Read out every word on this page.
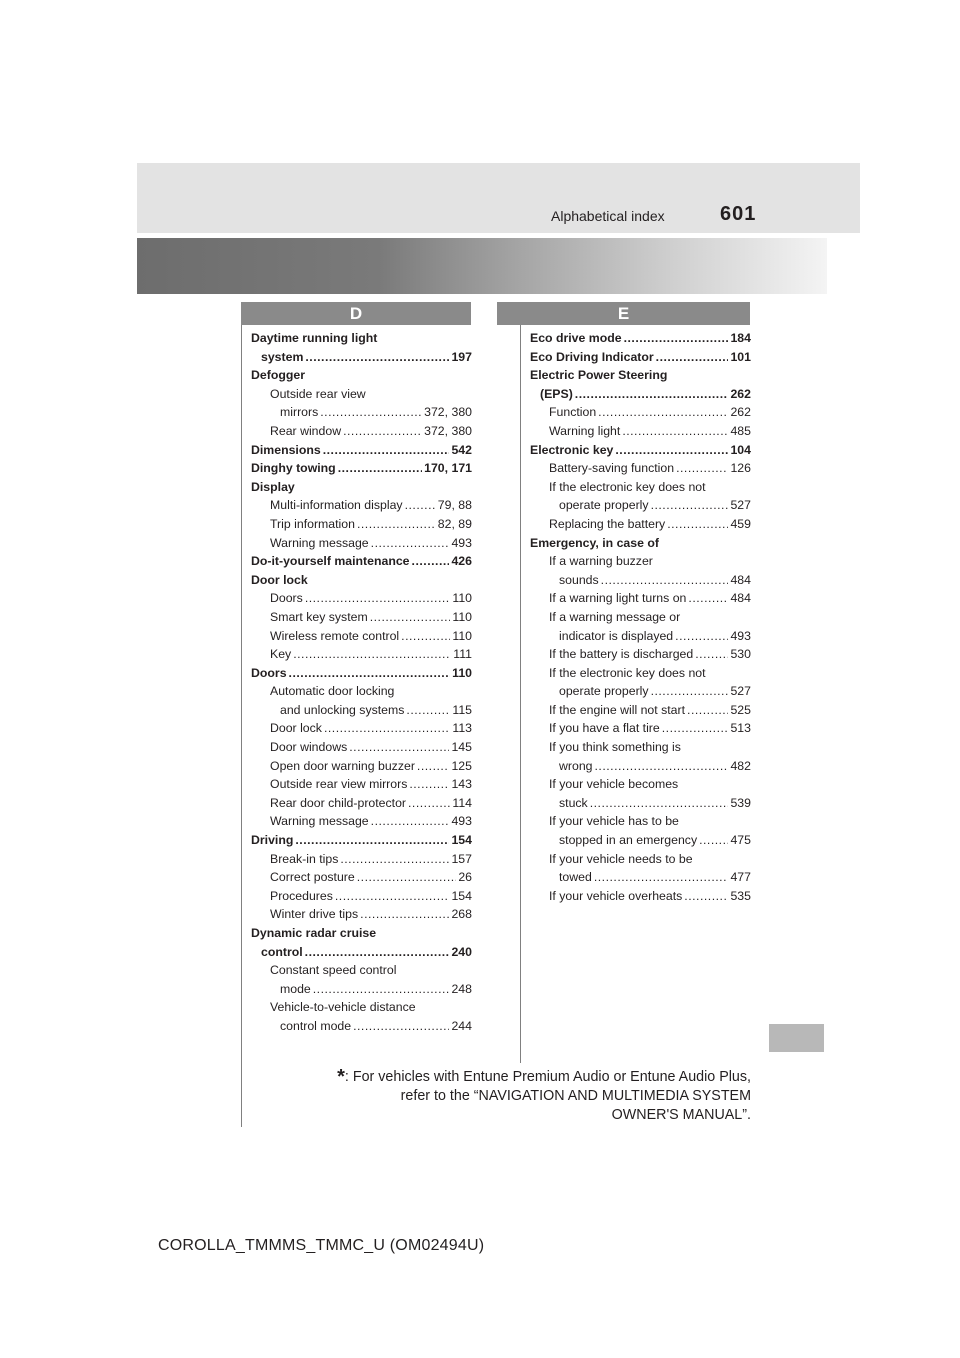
Alphabetical index	601
D	E
Daytime running light
system .....	197
Defogger
Outside rear view
mirrors .....	372, 380
Rear window .....	372, 380
Dimensions .....	542
Dinghy towing .....	170, 171
Display
Multi-information display .....	79, 88
Trip information .....	82, 89
Warning message .....	493
Do-it-yourself maintenance .....	426
Door lock
Doors .....	110
Smart key system .....	110
Wireless remote control .....	110
Key .....	111
Doors .....	110
Automatic door locking
and unlocking systems .....	115
Door lock .....	113
Door windows .....	145
Open door warning buzzer .....	125
Outside rear view mirrors .....	143
Rear door child-protector .....	114
Warning message .....	493
Driving .....	154
Break-in tips .....	157
Correct posture .....	26
Procedures .....	154
Winter drive tips .....	268
Dynamic radar cruise
control .....	240
Constant speed control
mode .....	248
Vehicle-to-vehicle distance
control mode .....	244
Eco drive mode .....	184
Eco Driving Indicator .....	101
Electric Power Steering
(EPS) .....	262
Function .....	262
Warning light .....	485
Electronic key .....	104
Battery-saving function .....	126
If the electronic key does not
operate properly .....	527
Replacing the battery .....	459
Emergency, in case of
If a warning buzzer
sounds .....	484
If a warning light turns on .....	484
If a warning message or
indicator is displayed .....	493
If the battery is discharged .....	530
If the electronic key does not
operate properly .....	527
If the engine will not start .....	525
If you have a flat tire .....	513
If you think something is
wrong .....	482
If your vehicle becomes
stuck .....	539
If your vehicle has to be
stopped in an emergency .....	475
If your vehicle needs to be
towed .....	477
If your vehicle overheats .....	535
*: For vehicles with Entune Premium Audio or Entune Audio Plus,
refer to the “NAVIGATION AND MULTIMEDIA SYSTEM
OWNER'S MANUAL”.
COROLLA_TMMMS_TMMC_U (OM02494U)
